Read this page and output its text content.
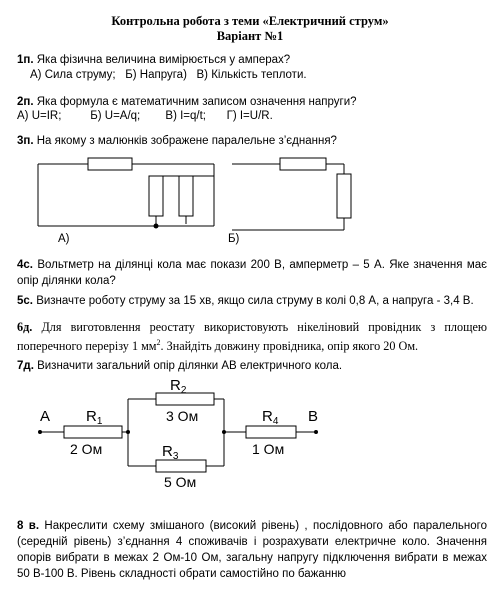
Контрольна робота з теми «Електричний струм»
Варіант №1
1п. Яка фізична величина вимірюється у амперах?
А) Сила струму; Б) Напруга) В) Кількість теплоти.
2п. Яка формула є математичним записом означення напруги?
А) U=IR;	Б) U=A/q; В) I=q/t; Г) I=U/R.
3п. На якому з малюнків зображене паралельне з’єднання?
А)	Б)
4с. Вольтметр на ділянці кола має покази 200 В, амперметр – 5 А. Яке значення має опір ділянки кола?
5с. Визначте роботу струму за 15 хв, якщо сила струму в колі 0,8 А, а напруга - 3,4 В.
6д. Для виготовлення реостату використовують нікеліновий провідник з площею поперечного перерізу 1 $мм^2$. Знайдіть довжину провідника, опір якого 20 Ом.
7д. Визначити загальний опір ділянки АВ електричного кола.
A	B
$R_1$
2 Ом
$R_2$
3 Ом
$R_3$
5 Ом
$R_4$
1 Ом
8 в. Накреслити схему змішаного (високий рівень) , послідовного або паралельного (середній рівень) з’єднання 4 споживачів і розрахувати електричне коло. Значення опорів вибрати в межах 2 Ом-10 Ом, загальну напругу підключення вибрати в межах 50 В-100 В. Рівень складності обрати самостійно по бажанню
